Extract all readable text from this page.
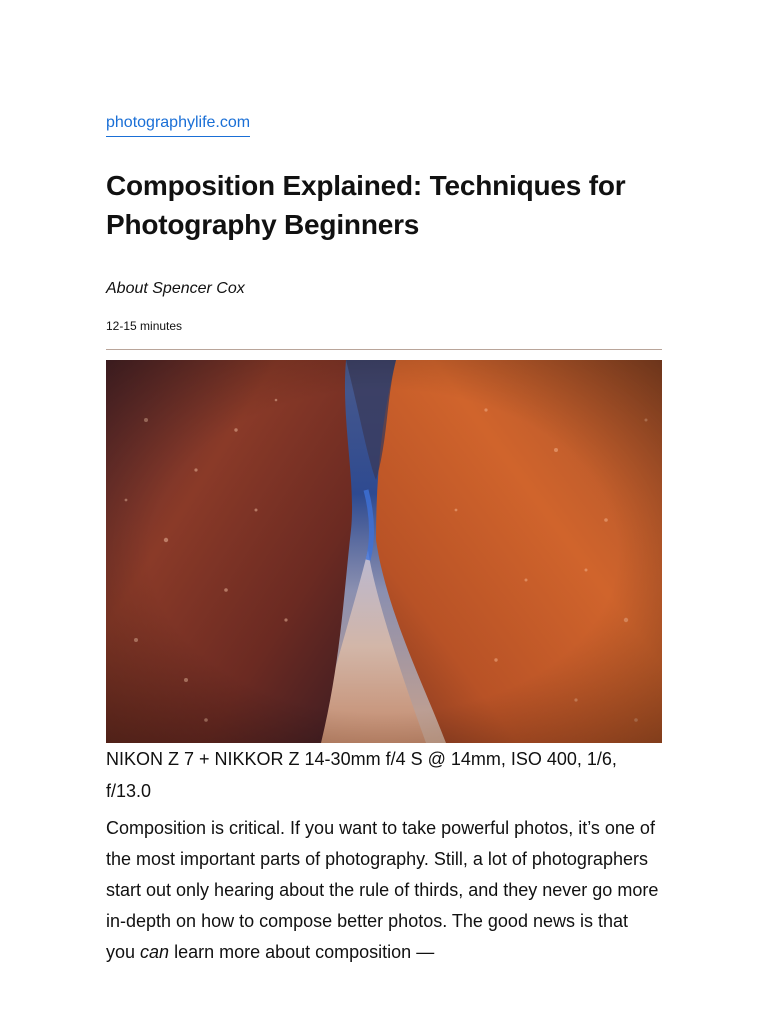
photographylife.com
Composition Explained: Techniques for Photography Beginners
About Spencer Cox
12-15 minutes
NIKON Z 7 + NIKKOR Z 14-30mm f/4 S @ 14mm, ISO 400, 1/6, f/13.0

Composition is critical. If you want to take powerful photos, it’s one of the most important parts of photography. Still, a lot of photographers start out only hearing about the rule of thirds, and they never go more in-depth on how to compose better photos. The good news is that you can learn more about composition —
